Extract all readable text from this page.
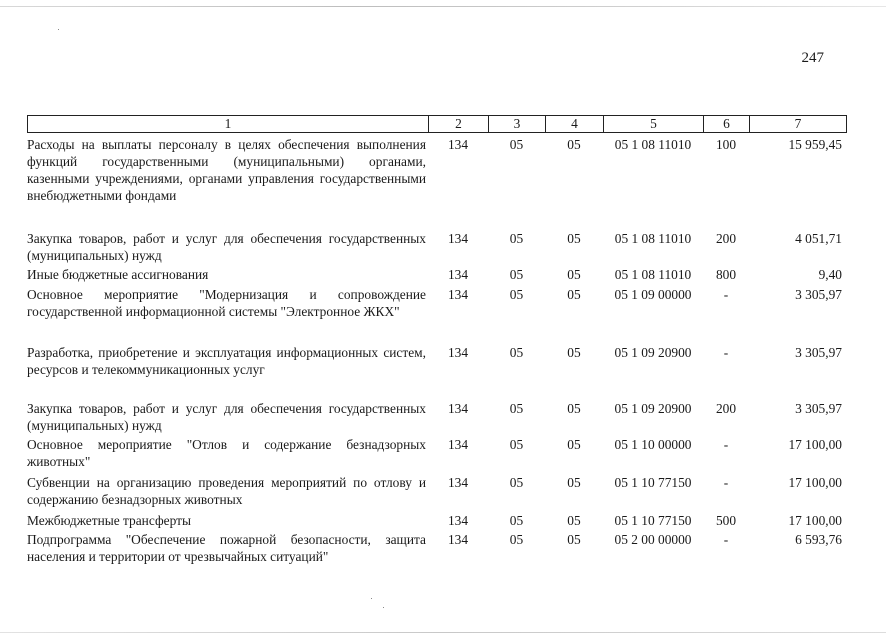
247
1	2	3	4	5	6	7
Расходы на выплаты персоналу в целях обеспечения выполнения функций государственными (муниципальными) органами, казенными учреждениями, органами управления государственными внебюджетными фондами
134	05	05	05 1 08 11010	100	15 959,45
Закупка товаров, работ и услуг для обеспечения государственных (муниципальных) нужд
134	05	05	05 1 08 11010	200	4 051,71
Иные бюджетные ассигнования	134	05	05	05 1 08 11010	800	9,40
Основное мероприятие "Модернизация и сопровождение государственной информационной системы "Электронное ЖКХ"
134	05	05	05 1 09 00000	-	3 305,97
Разработка, приобретение и эксплуатация информационных систем, ресурсов и телекоммуникационных услуг
134	05	05	05 1 09 20900	-	3 305,97
Закупка товаров, работ и услуг для обеспечения государственных (муниципальных) нужд
134	05	05	05 1 09 20900	200	3 305,97
Основное мероприятие "Отлов и содержание безнадзорных животных"
134	05	05	05 1 10 00000	-	17 100,00
Субвенции на организацию проведения мероприятий по отлову и содержанию безнадзорных животных
134	05	05	05 1 10 77150	-	17 100,00
Межбюджетные трансферты	134	05	05	05 1 10 77150	500	17 100,00
Подпрограмма "Обеспечение пожарной безопасности, защита населения и территории от чрезвычайных ситуаций"
134	05	05	05 2 00 00000	-	6 593,76
